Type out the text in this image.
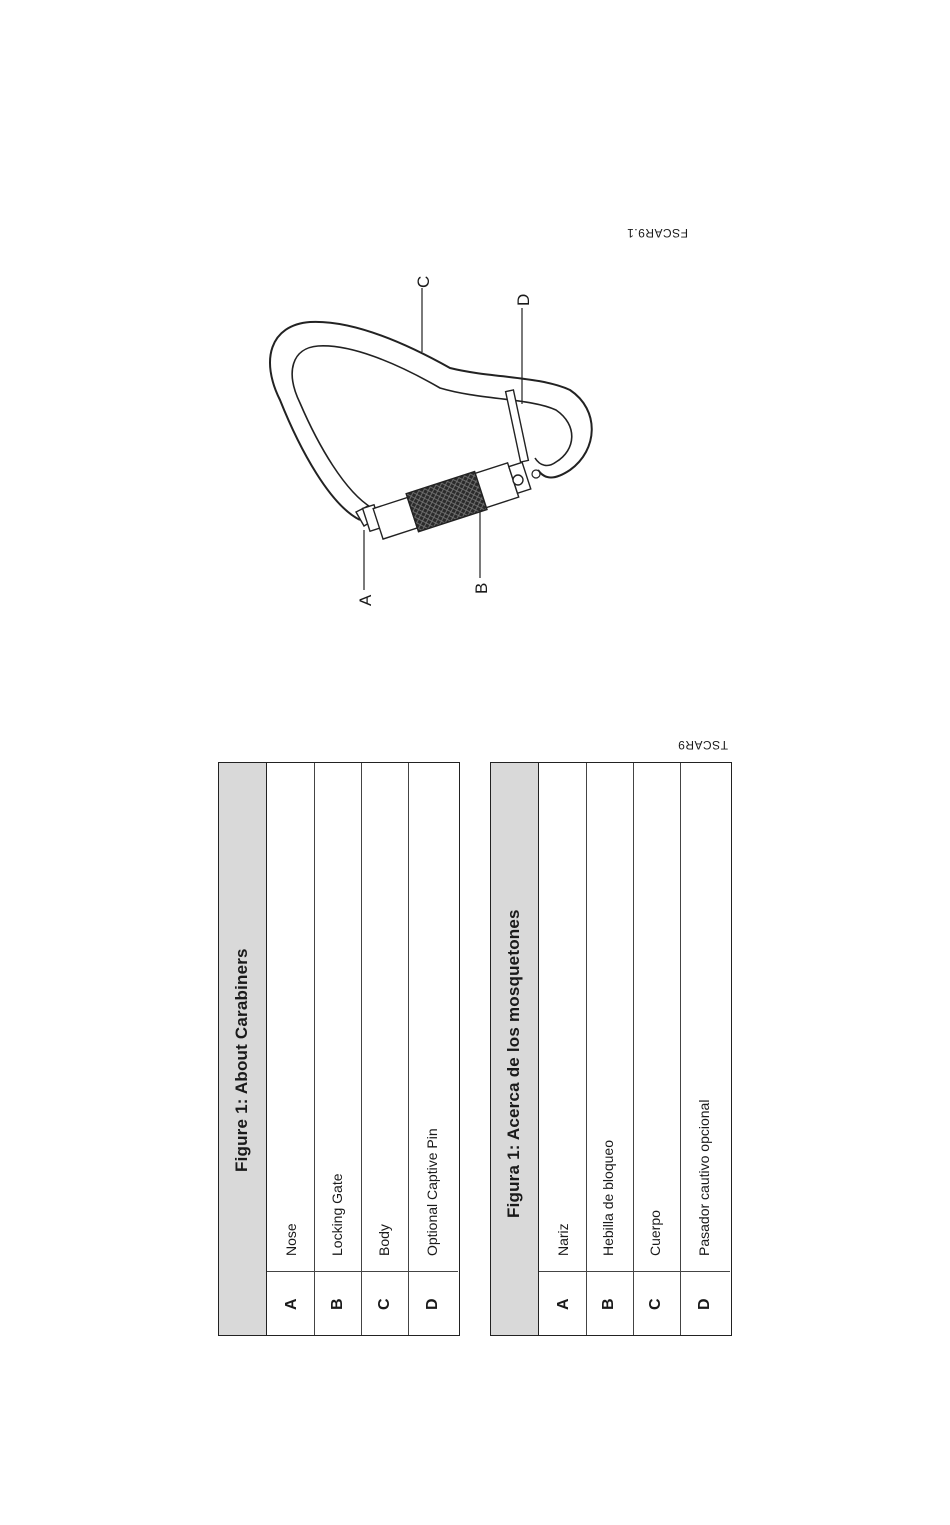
A
B
C
D
FSCAR9.1
Figure 1: About Carabiners
A
Nose
B
Locking Gate
C
Body
D
Optional Captive Pin	Figura 1: Acerca de los mosquetones
A
Nariz
B
Hebilla de bloqueo
C
Cuerpo
D
Pasador cautivo opcional
TSCAR9
